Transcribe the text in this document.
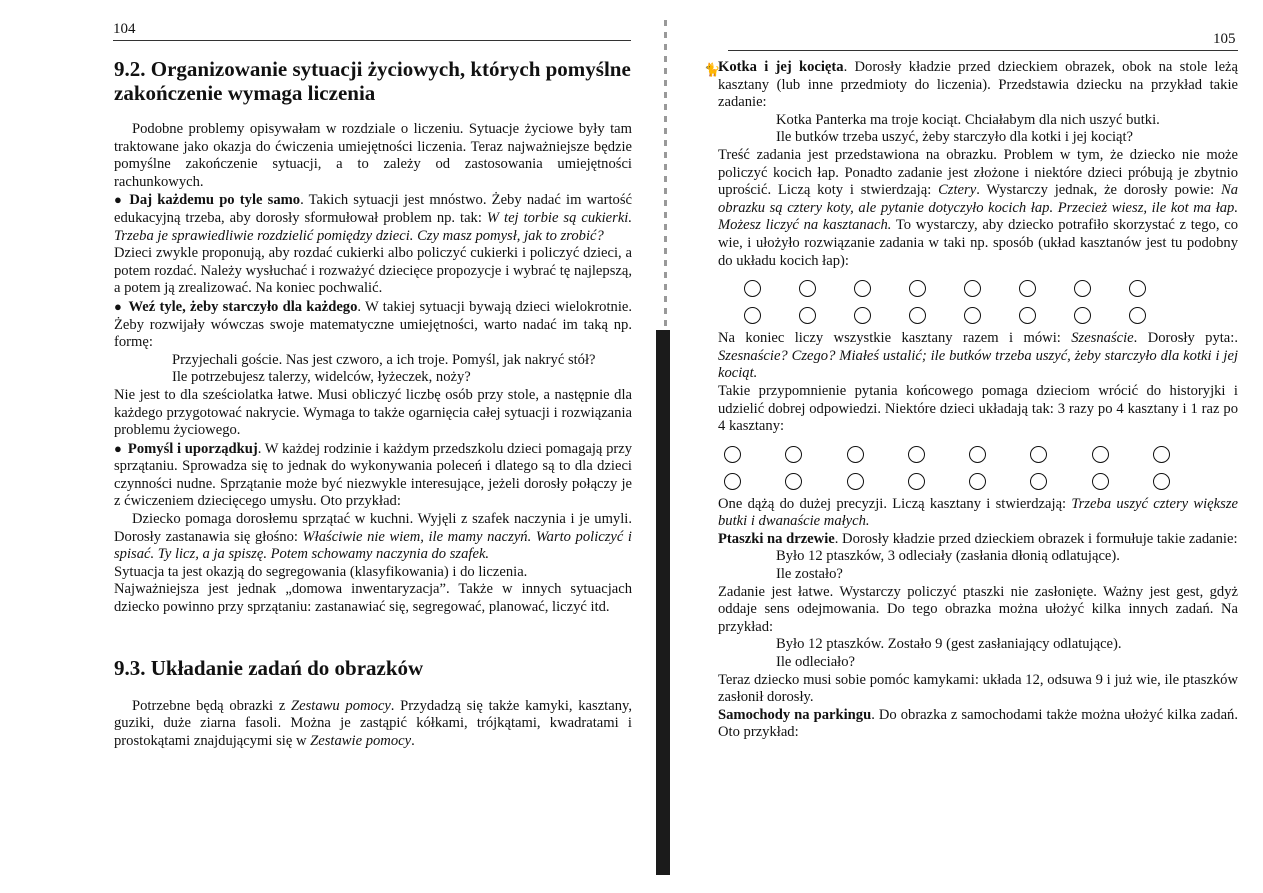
104
9.2. Organizowanie sytuacji życiowych, których pomyślne zakończenie wymaga liczenia

Podobne problemy opisywałam w rozdziale o liczeniu. Sytuacje życiowe były tam traktowane jako okazja do ćwiczenia umiejętności liczenia. Teraz najważniejsze będzie pomyślne zakończenie sytuacji, a to zależy od zastosowania umiejętności rachunkowych.

● Daj każdemu po tyle samo. Takich sytuacji jest mnóstwo. Żeby nadać im wartość edukacyjną trzeba, aby dorosły sformułował problem np. tak: W tej torbie są cukierki. Trzeba je sprawiedliwie rozdzielić pomiędzy dzieci. Czy masz pomysł, jak to zrobić?

Dzieci zwykle proponują, aby rozdać cukierki albo policzyć cukierki i policzyć dzieci, a potem rozdać. Należy wysłuchać i rozważyć dziecięce propozycje i wybrać tę najlepszą, a potem ją zrealizować. Na koniec pochwalić.

● Weź tyle, żeby starczyło dla każdego. W takiej sytuacji bywają dzieci wielokrotnie. Żeby rozwijały wówczas swoje matematyczne umiejętności, warto nadać im taką np. formę:

Przyjechali goście. Nas jest czworo, a ich troje. Pomyśl, jak nakryć stół?

Ile potrzebujesz talerzy, widelców, łyżeczek, noży?

Nie jest to dla sześciolatka łatwe. Musi obliczyć liczbę osób przy stole, a następnie dla każdego przygotować nakrycie. Wymaga to także ogarnięcia całej sytuacji i rozwiązania problemu życiowego.

● Pomyśl i uporządkuj. W każdej rodzinie i każdym przedszkolu dzieci pomagają przy sprzątaniu. Sprowadza się to jednak do wykonywania poleceń i dlatego są to dla dzieci czynności nudne. Sprzątanie może być niezwykle interesujące, jeżeli dorosły połączy je z ćwiczeniem dziecięcego umysłu. Oto przykład:

Dziecko pomaga dorosłemu sprzątać w kuchni. Wyjęli z szafek naczynia i je umyli. Dorosły zastanawia się głośno: Właściwie nie wiem, ile mamy naczyń. Warto policzyć i spisać. Ty licz, a ja spiszę. Potem schowamy naczynia do szafek.

Sytuacja ta jest okazją do segregowania (klasyfikowania) i do liczenia.

Najważniejsza jest jednak „domowa inwentaryzacja”. Także w innych sytuacjach dziecko powinno przy sprzątaniu: zastanawiać się, segregować, planować, liczyć itd.

9.3. Układanie zadań do obrazków

Potrzebne będą obrazki z Zestawu pomocy. Przydadzą się także kamyki, kasztany, guziki, duże ziarna fasoli. Można je zastąpić kółkami, trójkątami, kwadratami i prostokątami znajdującymi się w Zestawie pomocy.

105
🐈

Kotka i jej kocięta. Dorosły kładzie przed dzieckiem obrazek, obok na stole leżą kasztany (lub inne przedmioty do liczenia). Przedstawia dziecku na przykład takie zadanie:

Kotka Panterka ma troje kociąt. Chciałabym dla nich uszyć butki.

Ile butków trzeba uszyć, żeby starczyło dla kotki i jej kociąt?

Treść zadania jest przedstawiona na obrazku. Problem w tym, że dziecko nie może policzyć kocich łap. Ponadto zadanie jest złożone i niektóre dzieci próbują je zbytnio uprościć. Liczą koty i stwierdzają: Cztery. Wystarczy jednak, że dorosły powie: Na obrazku są cztery koty, ale pytanie dotyczyło kocich łap. Przecież wiesz, ile kot ma łap. Możesz liczyć na kasztanach. To wystarczy, aby dziecko potrafiło skorzystać z tego, co wie, i ułożyło rozwiązanie zadania w taki np. sposób (układ kasztanów jest tu podobny do układu kocich łap):

Na koniec liczy wszystkie kasztany razem i mówi: Szesnaście. Dorosły pyta:. Szesnaście? Czego? Miałeś ustalić; ile butków trzeba uszyć, żeby starczyło dla kotki i jej kociąt.

Takie przypomnienie pytania końcowego pomaga dzieciom wrócić do historyjki i udzielić dobrej odpowiedzi. Niektóre dzieci układają tak: 3 razy po 4 kasztany i 1 raz po 4 kasztany:

One dążą do dużej precyzji. Liczą kasztany i stwierdzają: Trzeba uszyć cztery większe butki i dwanaście małych.

Ptaszki na drzewie. Dorosły kładzie przed dzieckiem obrazek i formułuje takie zadanie:

Było 12 ptaszków, 3 odleciały (zasłania dłonią odlatujące).

Ile zostało?

Zadanie jest łatwe. Wystarczy policzyć ptaszki nie zasłonięte. Ważny jest gest, gdyż oddaje sens odejmowania. Do tego obrazka można ułożyć kilka innych zadań. Na przykład:

Było 12 ptaszków. Zostało 9 (gest zasłaniający odlatujące).

Ile odleciało?

Teraz dziecko musi sobie pomóc kamykami: układa 12, odsuwa 9 i już wie, ile ptaszków zasłonił dorosły.

Samochody na parkingu. Do obrazka z samochodami także można ułożyć kilka zadań. Oto przykład:
